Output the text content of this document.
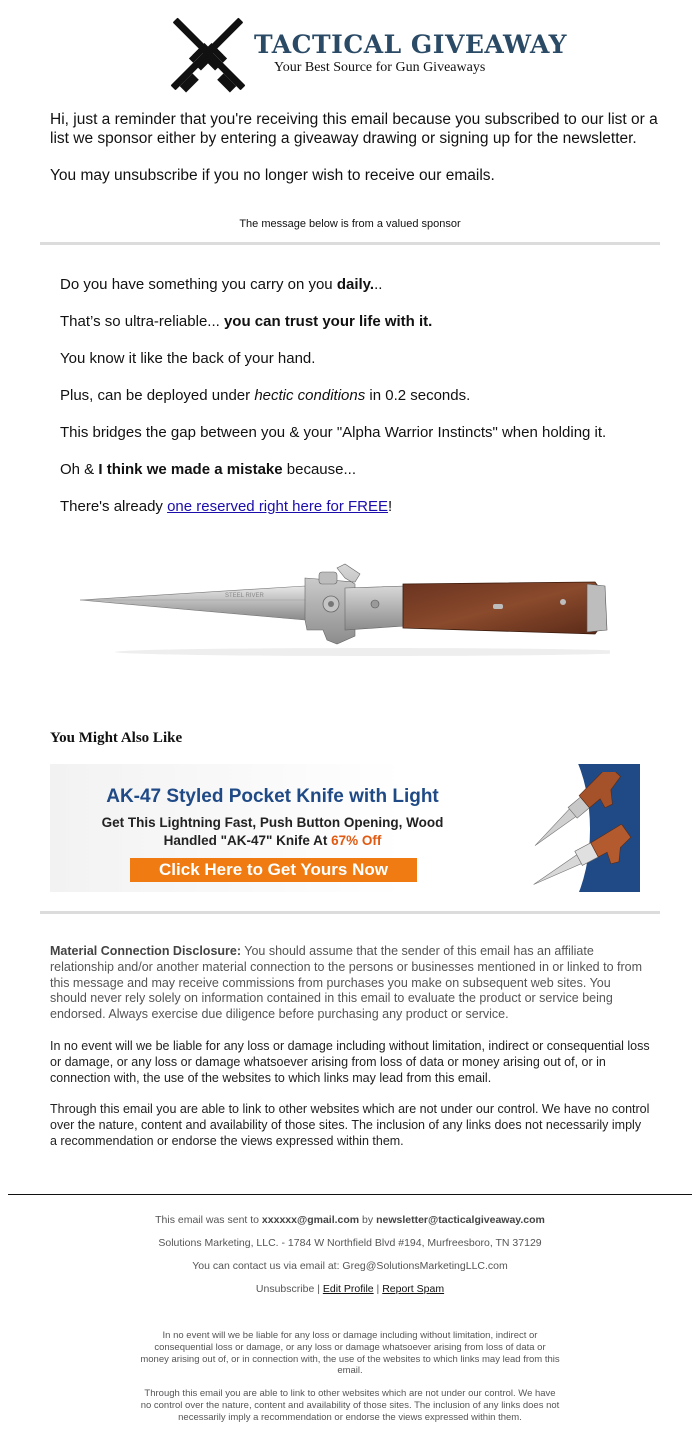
TACTICAL GIVEAWAY
Your Best Source for Gun Giveaways

Hi, just a reminder that you're receiving this email because you subscribed to our list or a list we sponsor either by entering a giveaway drawing or signing up for the newsletter.

You may unsubscribe if you no longer wish to receive our emails.

The message below is from a valued sponsor

Do you have something you carry on you daily...

That’s so ultra-reliable... you can trust your life with it.

You know it like the back of your hand.

Plus, can be deployed under hectic conditions in 0.2 seconds.

This bridges the gap between you & your "Alpha Warrior Instincts" when holding it.

Oh & I think we made a mistake because...

There's already one reserved right here for FREE!

STEEL RIVER
You Might Also Like
AK-47 Styled Pocket Knife with Light
Get This Lightning Fast, Push Button Opening, Wood
Handled "AK-47" Knife At 67% Off
Click Here to Get Yours Now

Material Connection Disclosure: You should assume that the sender of this email has an affiliate relationship and/or another material connection to the persons or businesses mentioned in or linked to from this message and may receive commissions from purchases you make on subsequent web sites. You should never rely solely on information contained in this email to evaluate the product or service being endorsed. Always exercise due diligence before purchasing any product or service.

In no event will we be liable for any loss or damage including without limitation, indirect or consequential loss or damage, or any loss or damage whatsoever arising from loss of data or money arising out of, or in connection with, the use of the websites to which links may lead from this email.

Through this email you are able to link to other websites which are not under our control. We have no control over the nature, content and availability of those sites. The inclusion of any links does not necessarily imply a recommendation or endorse the views expressed within them.

This email was sent to xxxxxx@gmail.com by newsletter@tacticalgiveaway.com
Solutions Marketing, LLC. - 1784 W Northfield Blvd #194, Murfreesboro, TN 37129
You can contact us via email at: Greg@SolutionsMarketingLLC.com
Unsubscribe | Edit Profile | Report Spam

In no event will we be liable for any loss or damage including without limitation, indirect or consequential loss or damage, or any loss or damage whatsoever arising from loss of data or money arising out of, or in connection with, the use of the websites to which links may lead from this email.

Through this email you are able to link to other websites which are not under our control. We have no control over the nature, content and availability of those sites. The inclusion of any links does not necessarily imply a recommendation or endorse the views expressed within them.
